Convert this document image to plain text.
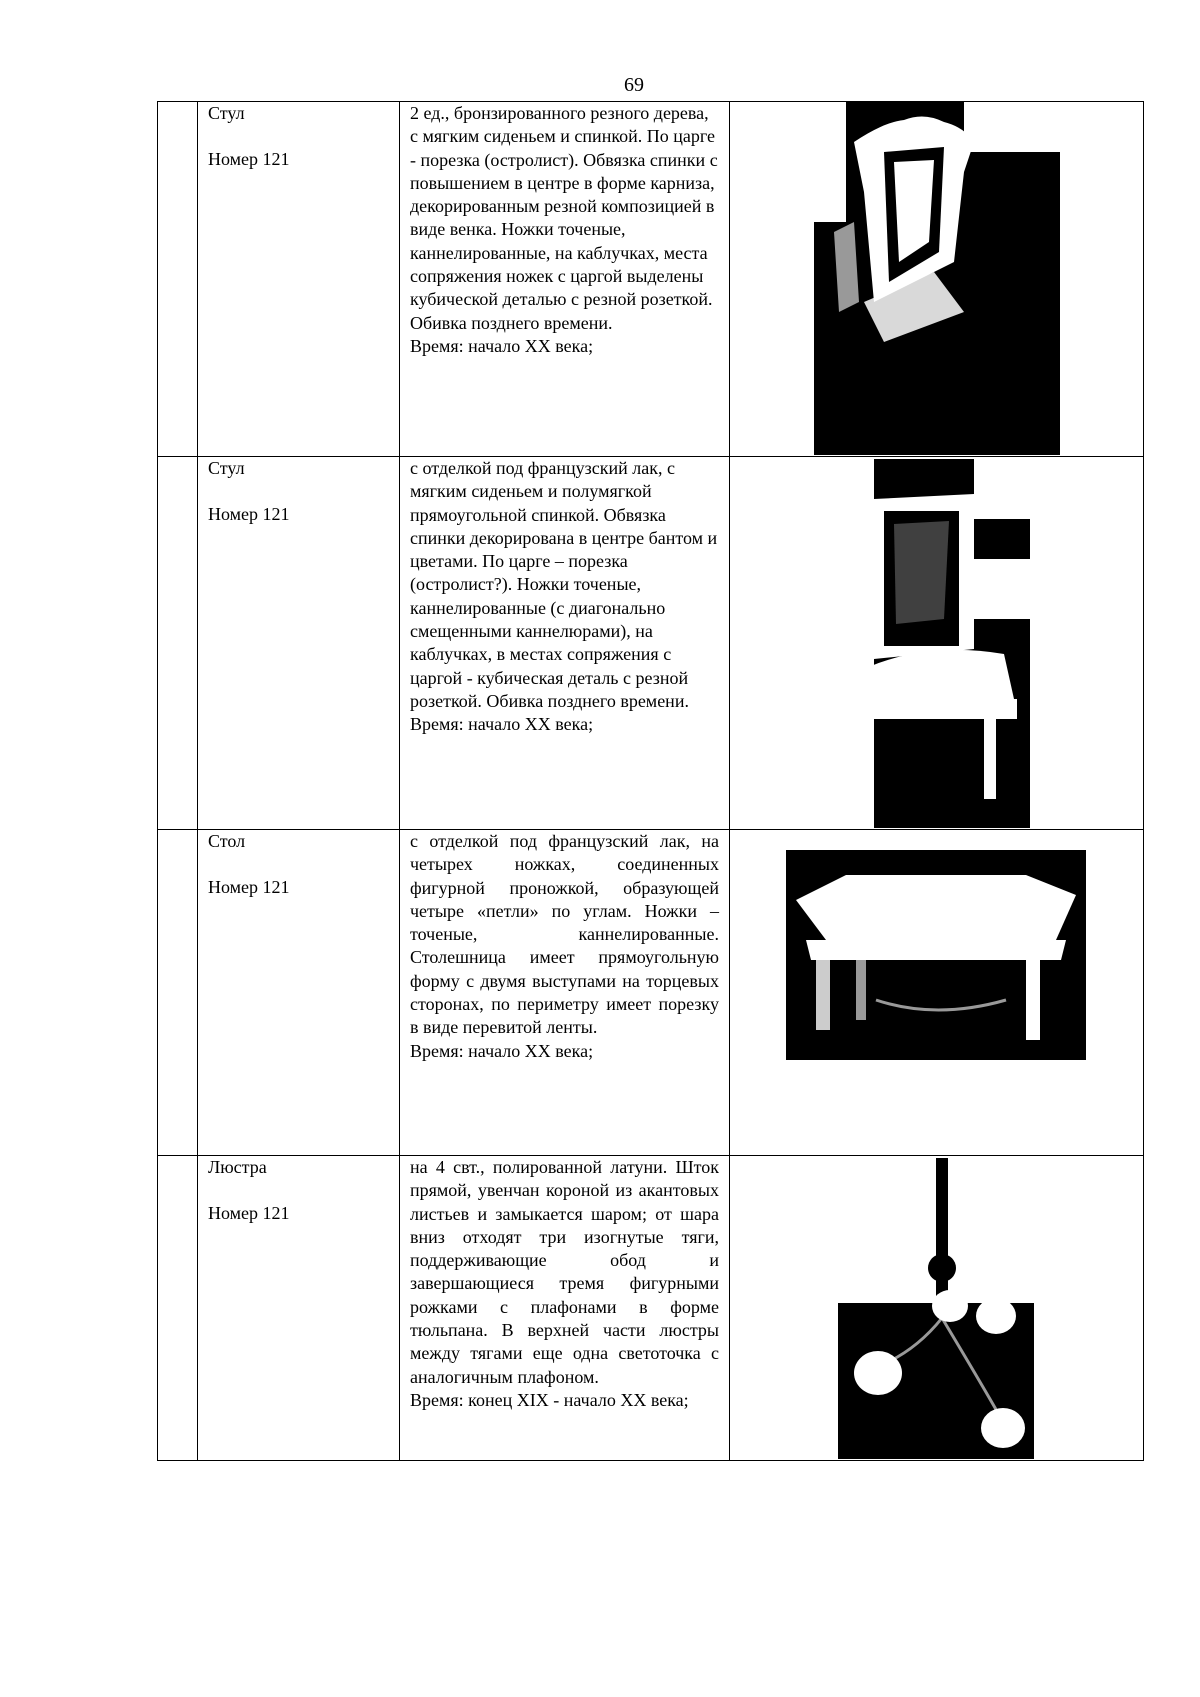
69

	Стул
Номер 121	2 ед., бронзированного резного дерева, с мягким сиденьем и спинкой. По царге - порезка (остролист). Обвязка спинки с повышением в центре в форме карниза, декорированным резной композицией в виде венка. Ножки точеные, каннелированные, на каблучках, места сопряжения ножек с царгой выделены кубической деталью с резной розеткой. Обивка позднего времени.
Время: начало XX века;

	Стул
Номер 121	с отделкой под французский лак, с мягким сиденьем и полумягкой прямоугольной спинкой. Обвязка спинки декорирована в центре бантом и цветами. По царге – порезка (остролист?). Ножки точеные, каннелированные (с диагонально смещенными каннелюрами), на каблучках, в местах сопряжения с царгой - кубическая деталь с резной розеткой. Обивка позднего времени. Время: начало XX века;

	Стол
Номер 121	с отделкой под французский лак, на четырех ножках, соединенных фигурной проножкой, образующей четыре «петли» по углам. Ножки – точеные, каннелированные. Столешница имеет прямоугольную форму с двумя выступами на торцевых сторонах, по периметру имеет порезку в виде перевитой ленты.
Время: начало XX века;

	Люстра
Номер 121	на 4 свт., полированной латуни. Шток прямой, увенчан короной из акантовых листьев и замыкается шаром; от шара вниз отходят три изогнутые тяги, поддерживающие обод и завершающиеся тремя фигурными рожками с плафонами в форме тюльпана. В верхней части люстры между тягами еще одна светоточка с аналогичным плафоном.
Время: конец XIX - начало XX века;
